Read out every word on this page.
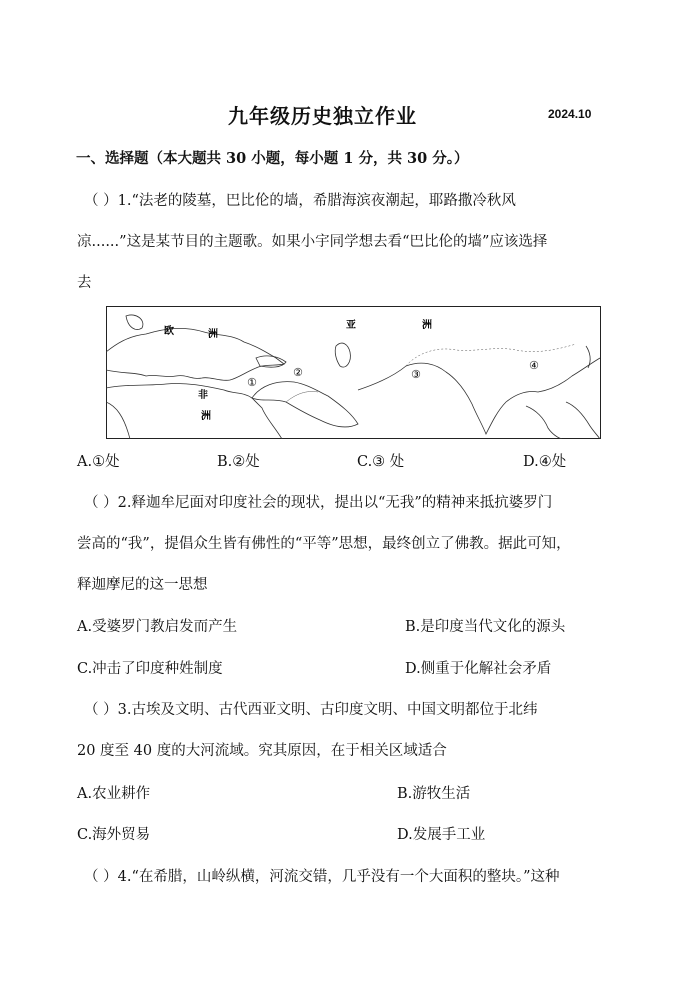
九年级历史独立作业	2024.10
一、选择题（本大题共 30 小题，每小题 1 分，共 30 分。）
（ ）1.“法老的陵墓，巴比伦的墙，希腊海滨夜潮起，耶路撒冷秋风
凉......”这是某节目的主题歌。如果小宇同学想去看“巴比伦的墙”应该选择
去
欧	洲
亚	洲
非
洲
①
②	③
④
A.①处	B.②处	C.③ 处	D.④处
（ ）2.释迦牟尼面对印度社会的现状，提出以“无我”的精神来抵抗婆罗门
尝高的“我”，提倡众生皆有佛性的“平等”思想，最终创立了佛教。据此可知，
释迦摩尼的这一思想
A.受婆罗门教启发而产生	B.是印度当代文化的源头
C.冲击了印度种姓制度	D.侧重于化解社会矛盾
（ ）3.古埃及文明、古代西亚文明、古印度文明、中国文明都位于北纬
20 度至 40 度的大河流域。究其原因，在于相关区域适合
A.农业耕作	B.游牧生活
C.海外贸易	D.发展手工业
（ ）4.“在希腊，山岭纵横，河流交错，几乎没有一个大面积的整块。”这种
